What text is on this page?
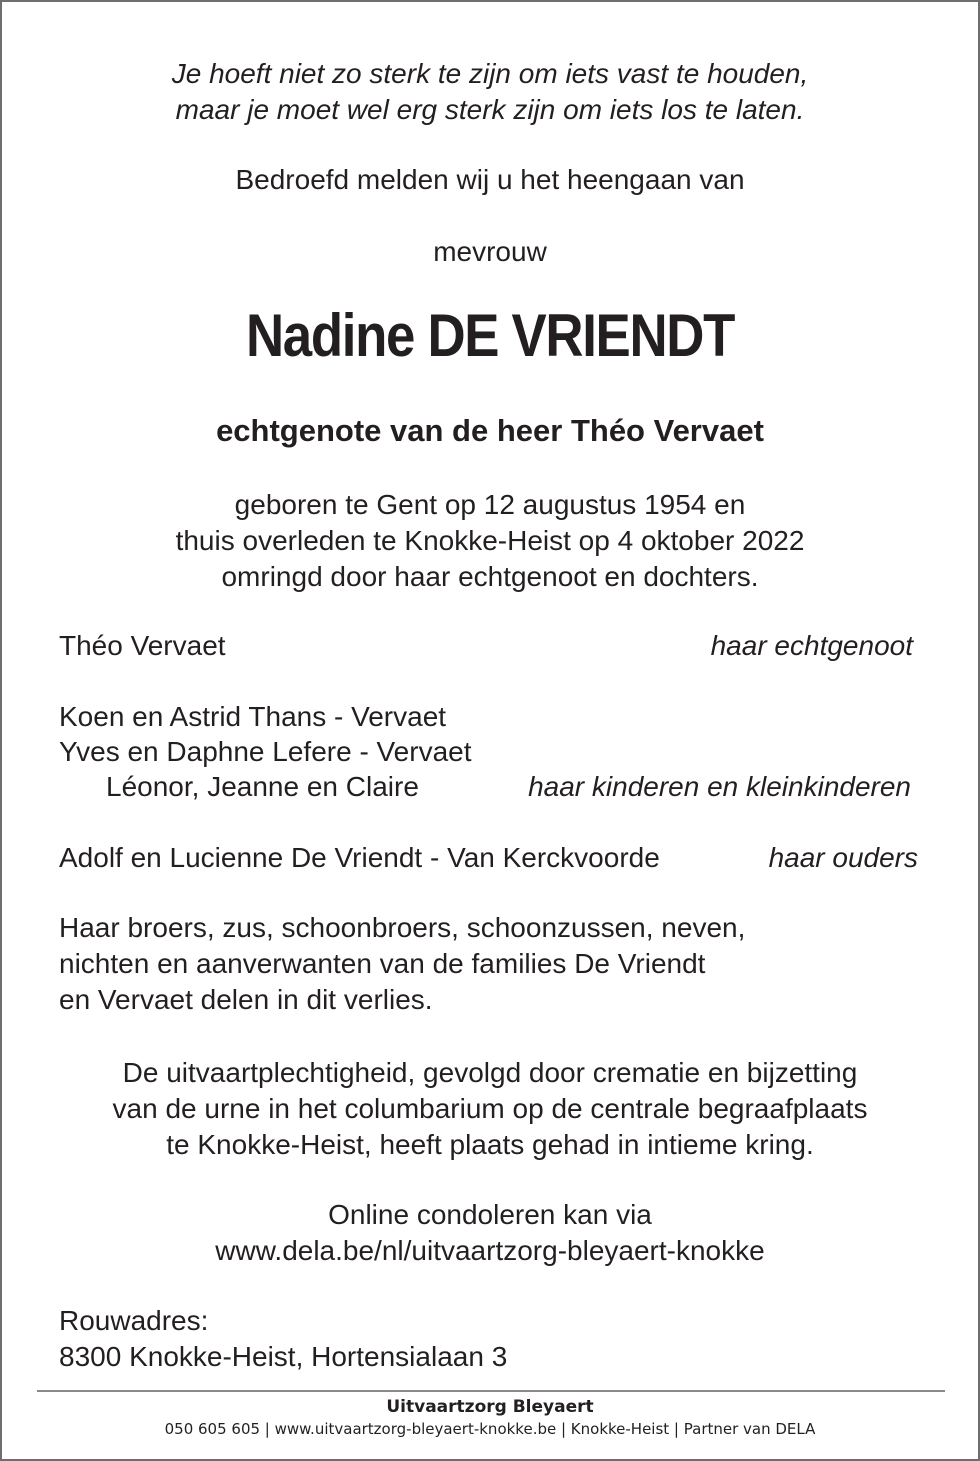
Je hoeft niet zo sterk te zijn om iets vast te houden,
maar je moet wel erg sterk zijn om iets los te laten.
Bedroefd melden wij u het heengaan van
mevrouw
Nadine DE VRIENDT
echtgenote van de heer Théo Vervaet
geboren te Gent op 12 augustus 1954 en
thuis overleden te Knokke-Heist op 4 oktober 2022
omringd door haar echtgenoot en dochters.
Théo Vervaet	haar echtgenoot
Koen en Astrid Thans - Vervaet
Yves en Daphne Lefere - Vervaet
Léonor, Jeanne en Claire	haar kinderen en kleinkinderen
Adolf en Lucienne De Vriendt - Van Kerckvoorde	haar ouders
Haar broers, zus, schoonbroers, schoonzussen, neven,
nichten en aanverwanten van de families De Vriendt
en Vervaet delen in dit verlies.
De uitvaartplechtigheid, gevolgd door crematie en bijzetting
van de urne in het columbarium op de centrale begraafplaats
te Knokke-Heist, heeft plaats gehad in intieme kring.
Online condoleren kan via
www.dela.be/nl/uitvaartzorg-bleyaert-knokke
Rouwadres:
8300 Knokke-Heist, Hortensialaan 3
Uitvaartzorg Bleyaert
050 605 605 | www.uitvaartzorg-bleyaert-knokke.be | Knokke-Heist | Partner van DELA
